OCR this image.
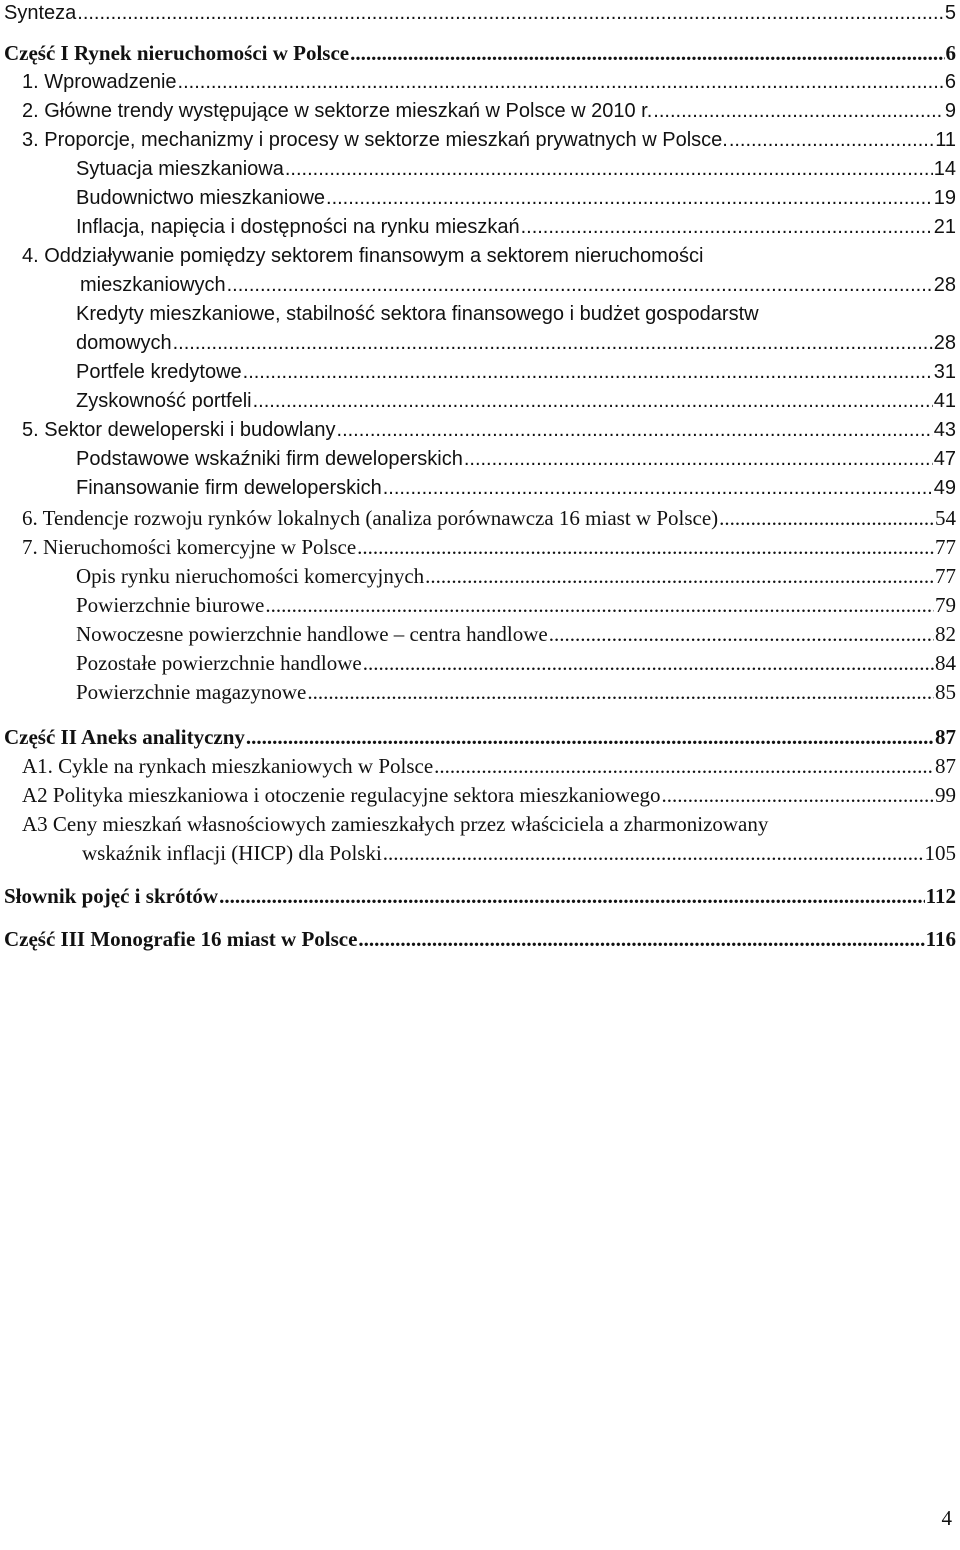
Synteza .....	5
Część I Rynek nieruchomości w Polsce .....	6
1. Wprowadzenie .....	6
2. Główne trendy występujące w sektorze mieszkań w Polsce w 2010 r. .....	9
3. Proporcje, mechanizmy i procesy w sektorze mieszkań prywatnych w Polsce. .....	11
Sytuacja mieszkaniowa .....	14
Budownictwo mieszkaniowe .....	19
Inflacja, napięcia i dostępności na rynku mieszkań .....	21
4. Oddziaływanie pomiędzy sektorem finansowym a sektorem nieruchomości
mieszkaniowych .....	28
Kredyty mieszkaniowe, stabilność sektora finansowego i budżet gospodarstw
domowych .....	28
Portfele kredytowe .....	31
Zyskowność portfeli .....	41
5. Sektor deweloperski i budowlany .....	43
Podstawowe wskaźniki firm deweloperskich .....	47
Finansowanie firm deweloperskich .....	49
6. Tendencje rozwoju rynków lokalnych (analiza porównawcza 16 miast w Polsce) .....	54
7. Nieruchomości komercyjne w Polsce .....	77
Opis rynku nieruchomości komercyjnych .....	77
Powierzchnie biurowe .....	79
Nowoczesne powierzchnie handlowe – centra handlowe .....	82
Pozostałe powierzchnie handlowe .....	84
Powierzchnie magazynowe .....	85
Część II Aneks analityczny .....	87
A1. Cykle na rynkach mieszkaniowych w Polsce .....	87
A2 Polityka mieszkaniowa i otoczenie regulacyjne sektora mieszkaniowego .....	99
A3 Ceny mieszkań własnościowych zamieszkałych przez właściciela a zharmonizowany
wskaźnik inflacji (HICP) dla Polski .....	105
Słownik pojęć i skrótów .....	112
Część III Monografie 16 miast w Polsce .....	116
4
